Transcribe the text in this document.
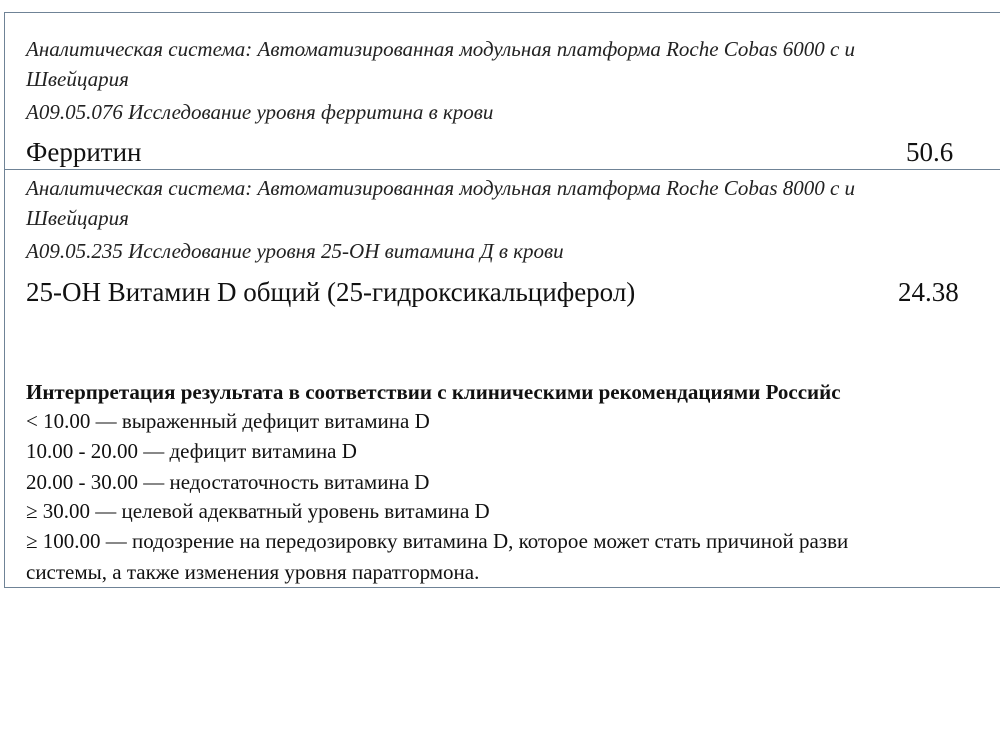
Аналитическая система: Автоматизированная модульная платформа Roche Cobas 6000 с и

Швейцария

А09.05.076 Исследование уровня ферритина в крови

Ферритин	50.6

Аналитическая система: Автоматизированная модульная платформа Roche Cobas 8000 с и

Швейцария

А09.05.235 Исследование уровня 25-ОН витамина Д в крови

25-OH Витамин D общий (25-гидроксикальциферол)	24.38

Интерпретация результата в соответствии с клиническими рекомендациями Российс

< 10.00 — выраженный дефицит витамина D

10.00 - 20.00 — дефицит витамина D

20.00 - 30.00 — недостаточность витамина D

≥ 30.00 — целевой адекватный уровень витамина D

≥ 100.00 — подозрение на передозировку витамина D, которое может стать причиной разви

системы, а также изменения уровня паратгормона.
